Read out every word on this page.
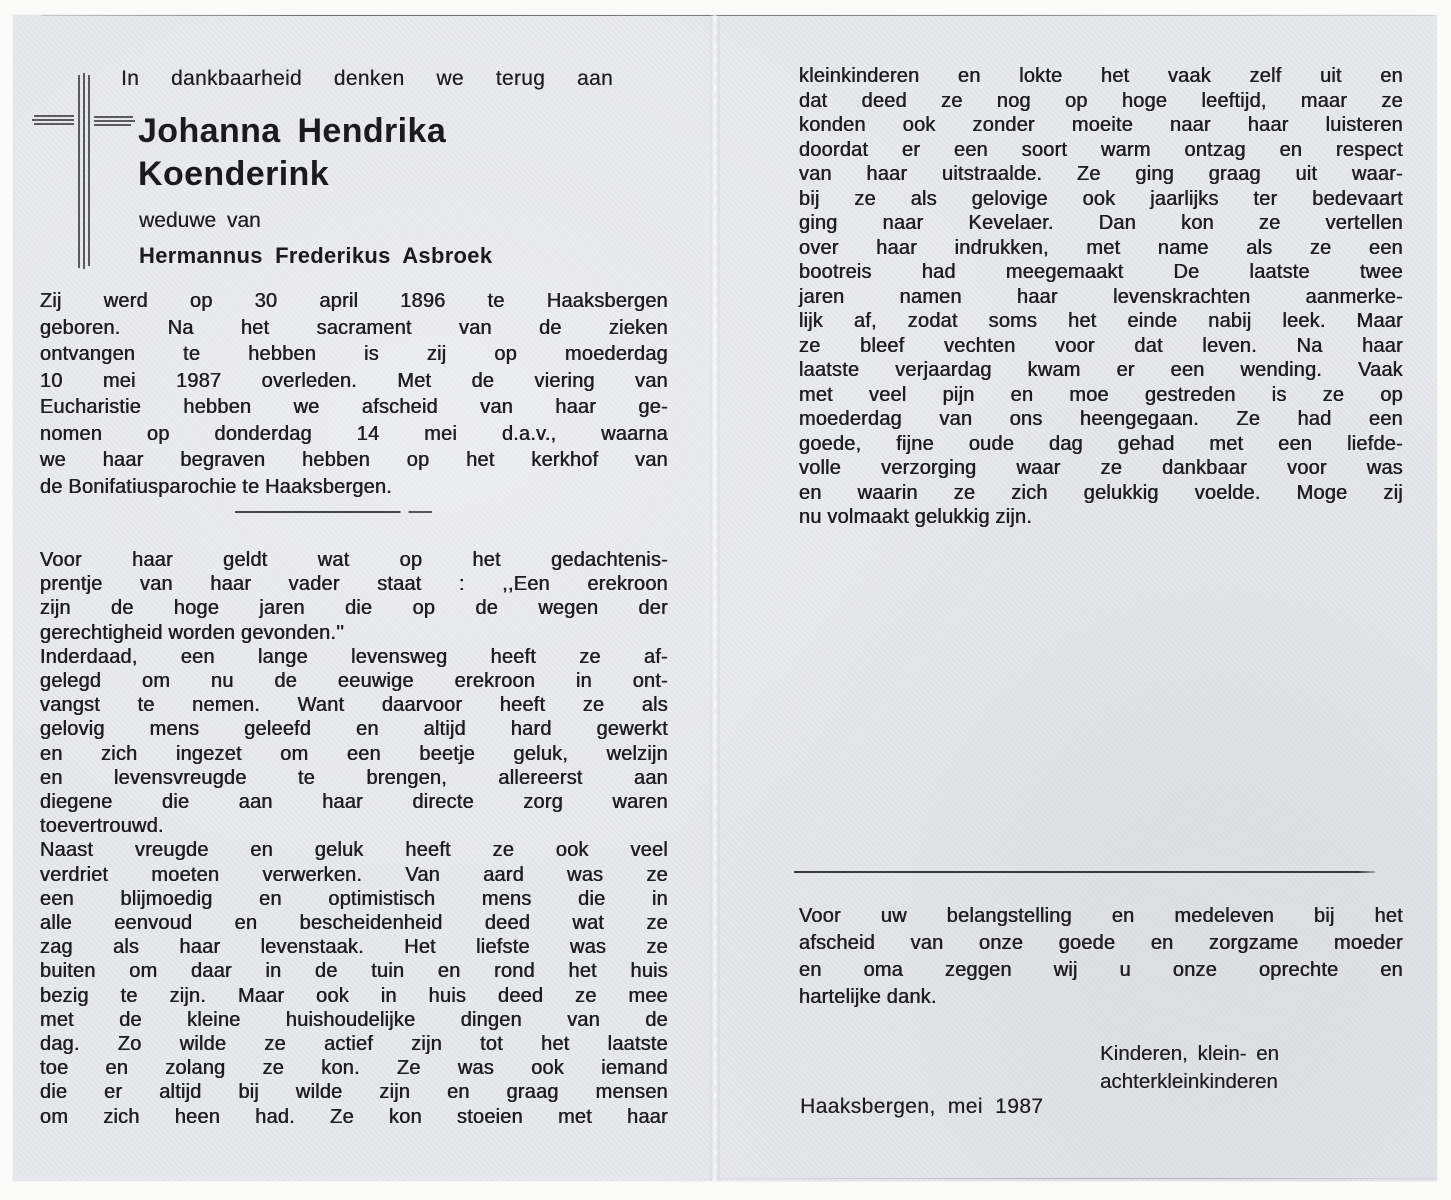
In dankbaarheid denken we terug aan
Johanna Hendrika
Koenderink
weduwe van
Hermannus Frederikus Asbroek
Zij werd op 30 april 1896 te Haaksbergen
geboren. Na het sacrament van de zieken
ontvangen te hebben is zij op moederdag
10 mei 1987 overleden. Met de viering van
Eucharistie hebben we afscheid van haar ge-
nomen op donderdag 14 mei d.a.v., waarna
we haar begraven hebben op het kerkhof van
de Bonifatiusparochie te Haaksbergen.
Voor haar geldt wat op het gedachtenis-
prentje van haar vader staat : ,,Een erekroon
zijn de hoge jaren die op de wegen der
gerechtigheid worden gevonden.''
Inderdaad, een lange levensweg heeft ze af-
gelegd om nu de eeuwige erekroon in ont-
vangst te nemen. Want daarvoor heeft ze als
gelovig mens geleefd en altijd hard gewerkt
en zich ingezet om een beetje geluk, welzijn
en levensvreugde te brengen, allereerst aan
diegene die aan haar directe zorg waren
toevertrouwd.
Naast vreugde en geluk heeft ze ook veel
verdriet moeten verwerken. Van aard was ze
een blijmoedig en optimistisch mens die in
alle eenvoud en bescheidenheid deed wat ze
zag als haar levenstaak. Het liefste was ze
buiten om daar in de tuin en rond het huis
bezig te zijn. Maar ook in huis deed ze mee
met de kleine huishoudelijke dingen van de
dag. Zo wilde ze actief zijn tot het laatste
toe en zolang ze kon. Ze was ook iemand
die er altijd bij wilde zijn en graag mensen
om zich heen had. Ze kon stoeien met haar
kleinkinderen en lokte het vaak zelf uit en
dat deed ze nog op hoge leeftijd, maar ze
konden ook zonder moeite naar haar luisteren
doordat er een soort warm ontzag en respect
van haar uitstraalde. Ze ging graag uit waar-
bij ze als gelovige ook jaarlijks ter bedevaart
ging naar Kevelaer. Dan kon ze vertellen
over haar indrukken, met name als ze een
bootreis had meegemaakt De laatste twee
jaren namen haar levenskrachten aanmerke-
lijk af, zodat soms het einde nabij leek. Maar
ze bleef vechten voor dat leven. Na haar
laatste verjaardag kwam er een wending. Vaak
met veel pijn en moe gestreden is ze op
moederdag van ons heengegaan. Ze had een
goede, fijne oude dag gehad met een liefde-
volle verzorging waar ze dankbaar voor was
en waarin ze zich gelukkig voelde. Moge zij
nu volmaakt gelukkig zijn.
Voor uw belangstelling en medeleven bij het
afscheid van onze goede en zorgzame moeder
en oma zeggen wij u onze oprechte en
hartelijke dank.
Kinderen, klein- en
achterkleinkinderen
Haaksbergen, mei 1987
